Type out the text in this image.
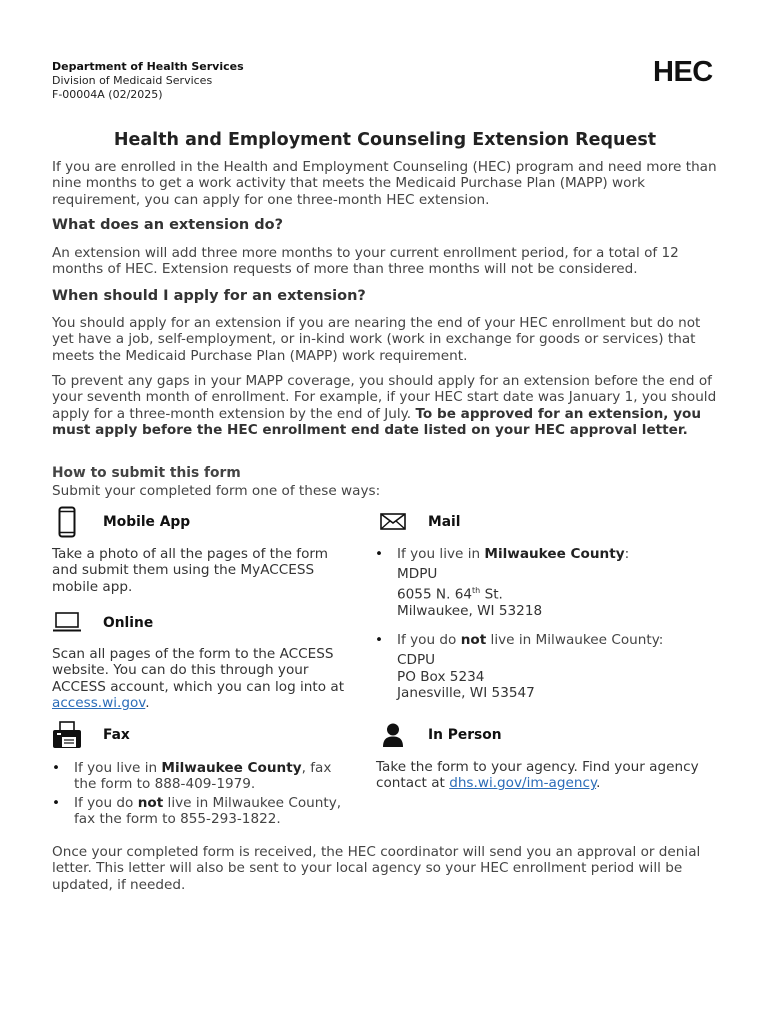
Department of Health Services
Division of Medicaid Services
F-00004A (02/2025)
HEC
Health and Employment Counseling Extension Request
If you are enrolled in the Health and Employment Counseling (HEC) program and need more than nine months to get a work activity that meets the Medicaid Purchase Plan (MAPP) work requirement, you can apply for one three-month HEC extension.
What does an extension do?
An extension will add three more months to your current enrollment period, for a total of 12 months of HEC. Extension requests of more than three months will not be considered.
When should I apply for an extension?
You should apply for an extension if you are nearing the end of your HEC enrollment but do not yet have a job, self-employment, or in-kind work (work in exchange for goods or services) that meets the Medicaid Purchase Plan (MAPP) work requirement.
To prevent any gaps in your MAPP coverage, you should apply for an extension before the end of your seventh month of enrollment. For example, if your HEC start date was January 1, you should apply for a three-month extension by the end of July. To be approved for an extension, you must apply before the HEC enrollment end date listed on your HEC approval letter.
How to submit this form
Submit your completed form one of these ways:
Mobile App
Take a photo of all the pages of the form and submit them using the MyACCESS mobile app.
Online
Scan all pages of the form to the ACCESS website. You can do this through your ACCESS account, which you can log into at access.wi.gov.
Fax
• If you live in Milwaukee County, fax the form to 888-409-1979.
• If you do not live in Milwaukee County, fax the form to 855-293-1822.
Mail
• If you live in Milwaukee County:
MDPU
6055 N. 64th St.
Milwaukee, WI 53218
• If you do not live in Milwaukee County:
CDPU
PO Box 5234
Janesville, WI 53547
In Person
Take the form to your agency. Find your agency contact at dhs.wi.gov/im-agency.
Once your completed form is received, the HEC coordinator will send you an approval or denial letter. This letter will also be sent to your local agency so your HEC enrollment period will be updated, if needed.
